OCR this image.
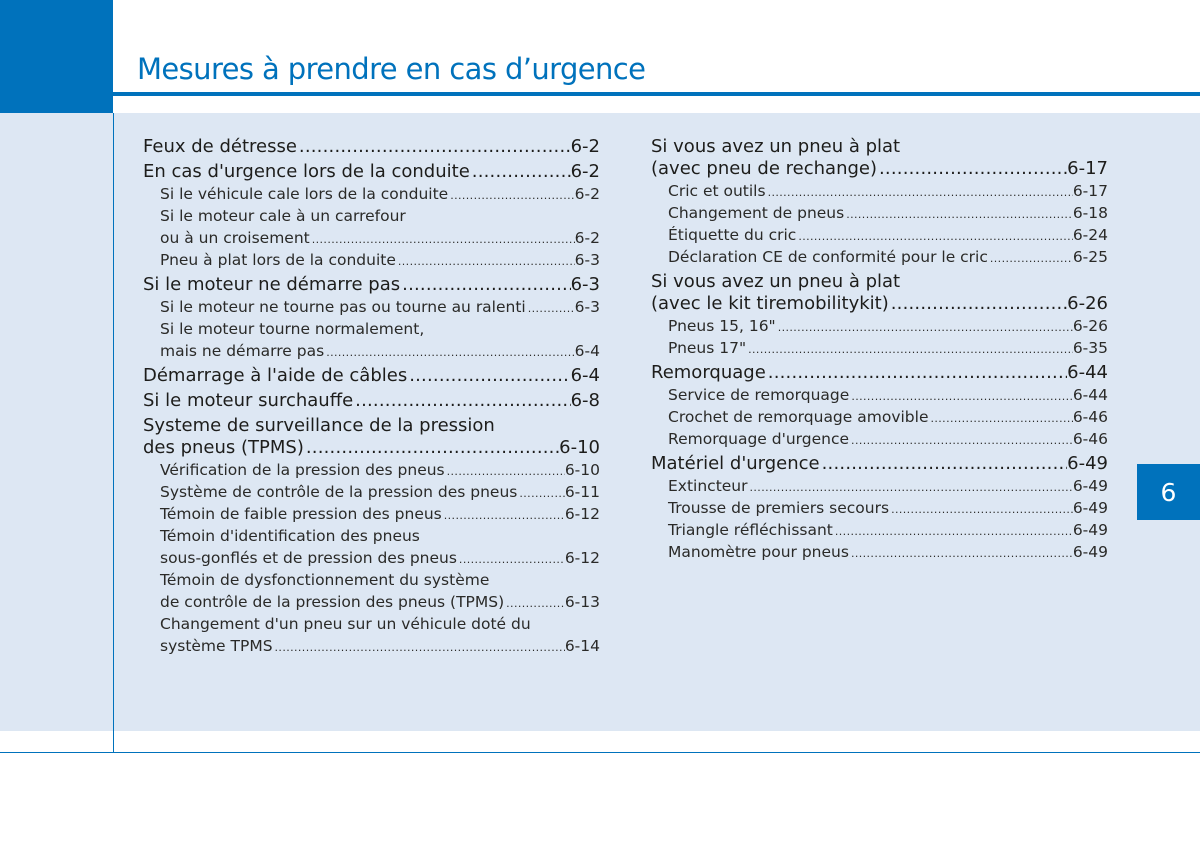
Mesures à prendre en cas d’urgence
6
Feux de détresse .....	6-2
En cas d'urgence lors de la conduite .....	6-2
Si le véhicule cale lors de la conduite .....	6-2
Si le moteur cale à un carrefour
ou à un croisement .....	6-2
Pneu à plat lors de la conduite .....	6-3
Si le moteur ne démarre pas .....	6-3
Si le moteur ne tourne pas ou tourne au ralenti .....	6-3
Si le moteur tourne normalement,
mais ne démarre pas .....	6-4
Démarrage à l'aide de câbles .....	6-4
Si le moteur surchauffe .....	6-8
Systeme de surveillance de la pression
des pneus (TPMS) .....	6-10
Vérification de la pression des pneus .....	6-10
Système de contrôle de la pression des pneus .....	6-11
Témoin de faible pression des pneus .....	6-12
Témoin d'identification des pneus
sous-gonflés et de pression des pneus .....	6-12
Témoin de dysfonctionnement du système
de contrôle de la pression des pneus (TPMS) .....	6-13
Changement d'un pneu sur un véhicule doté du
système TPMS .....	6-14
Si vous avez un pneu à plat
(avec pneu de rechange) .....	6-17
Cric et outils .....	6-17
Changement de pneus .....	6-18
Étiquette du cric .....	6-24
Déclaration CE de conformité pour le cric .....	6-25
Si vous avez un pneu à plat
(avec le kit tiremobilitykit) .....	6-26
Pneus 15, 16" .....	6-26
Pneus 17" .....	6-35
Remorquage .....	6-44
Service de remorquage .....	6-44
Crochet de remorquage amovible .....	6-46
Remorquage d'urgence .....	6-46
Matériel d'urgence .....	6-49
Extincteur .....	6-49
Trousse de premiers secours .....	6-49
Triangle réfléchissant .....	6-49
Manomètre pour pneus .....	6-49
